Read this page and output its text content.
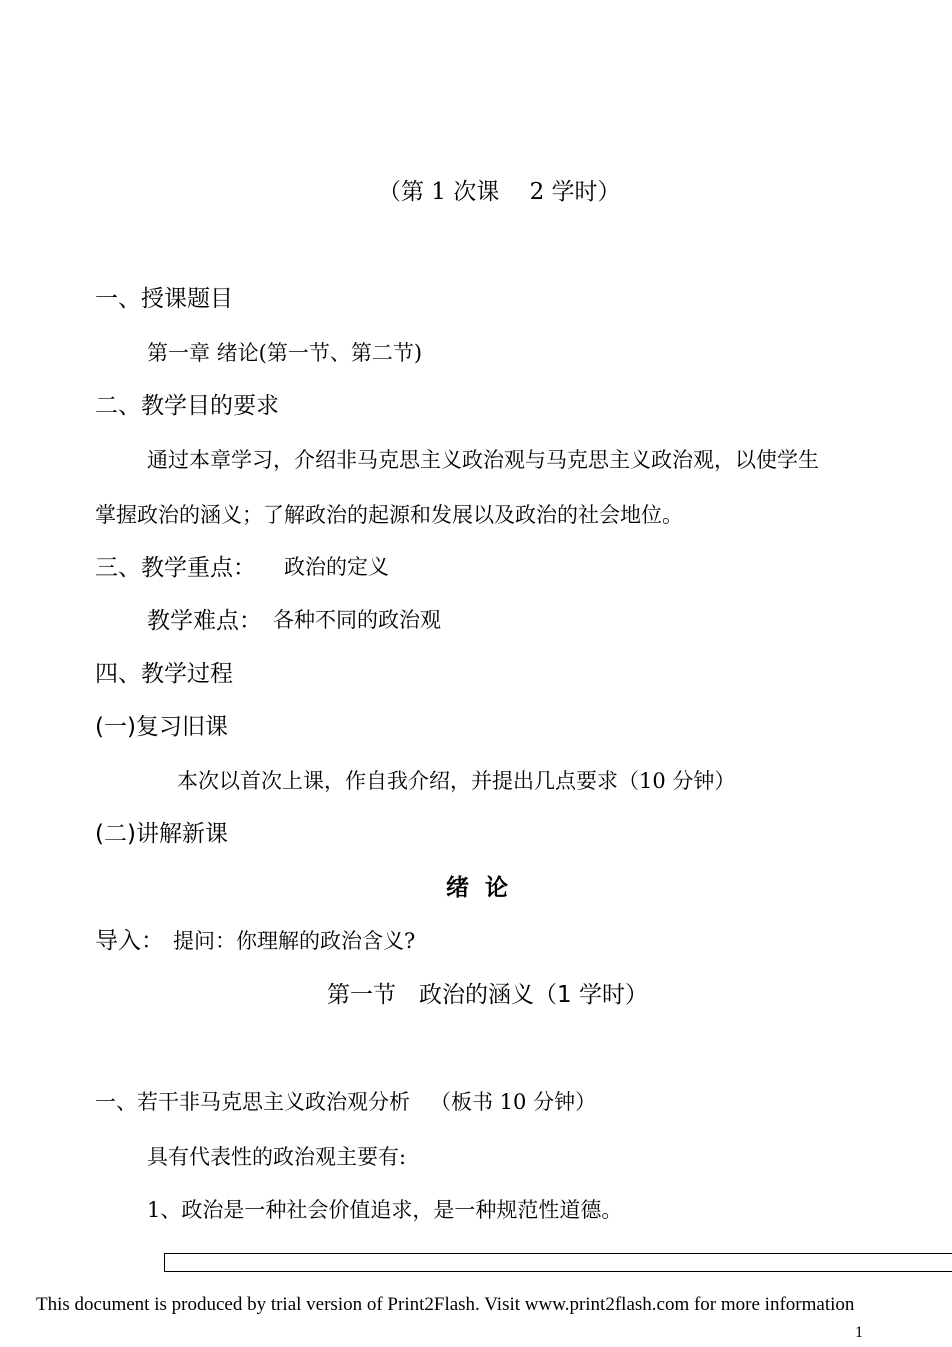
（第 1 次课　 2 学时）
一、授课题目
第一章 绪论(第一节、第二节)
二、教学目的要求
通过本章学习，介绍非马克思主义政治观与马克思主义政治观，以使学生
掌握政治的涵义；了解政治的起源和发展以及政治的社会地位。
三、教学重点： 政治的定义
教学难点： 各种不同的政治观
四、教学过程
(一)复习旧课
本次以首次上课，作自我介绍，并提出几点要求（10 分钟）
(二)讲解新课
绪  论
导入： 提问：你理解的政治含义?
第一节　政治的涵义（1 学时）
一、若干非马克思主义政治观分析 （板书 10 分钟）
具有代表性的政治观主要有:
1、政治是一种社会价值追求，是一种规范性道德。
This document is produced by trial version of Print2Flash. Visit www.print2flash.com for more information
1
